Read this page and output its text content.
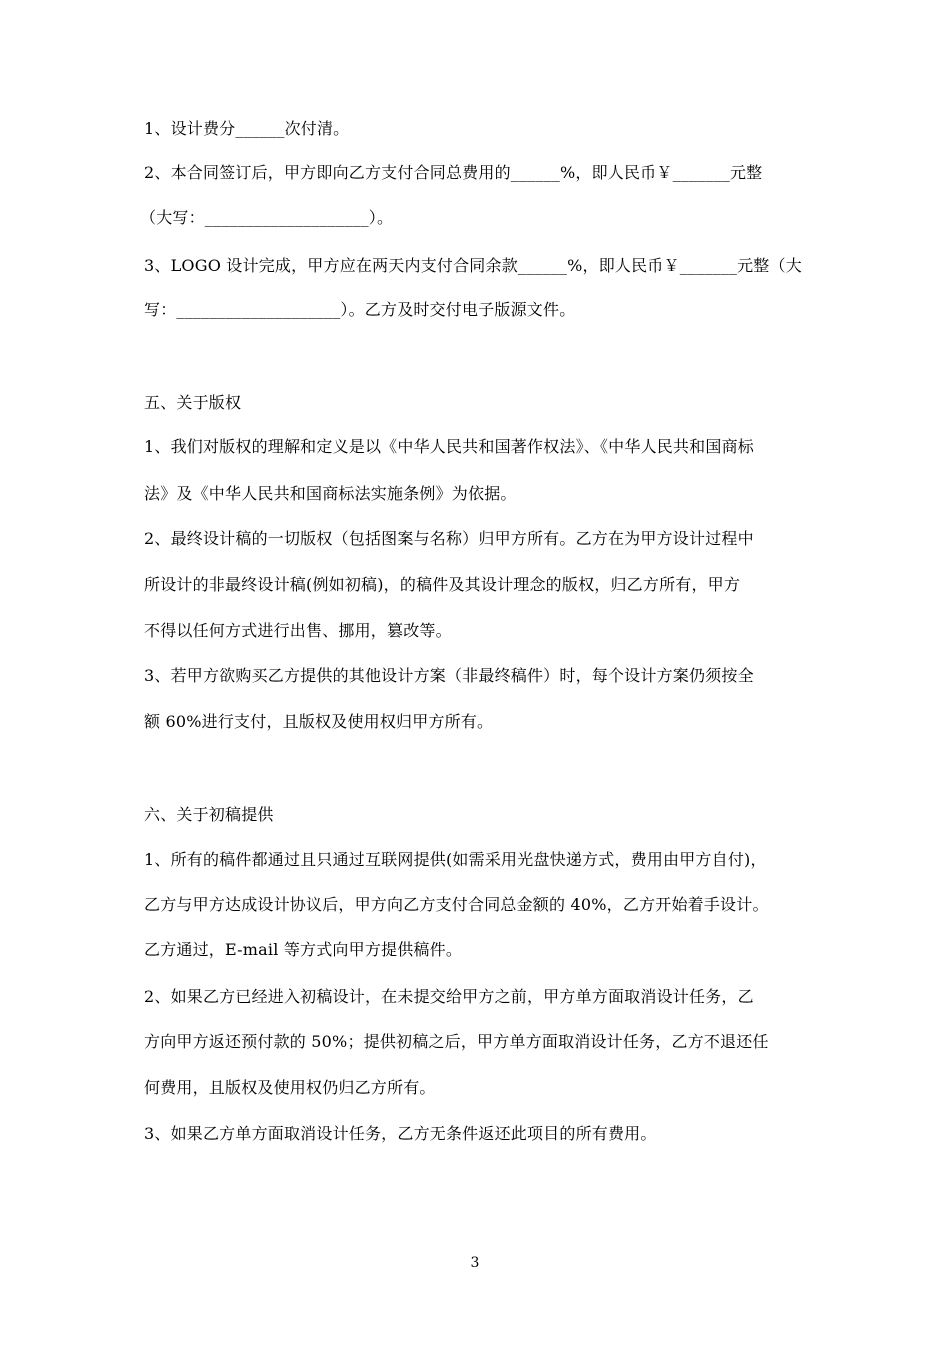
1、设计费分______次付清。
2、本合同签订后，甲方即向乙方支付合同总费用的______%，即人民币￥_______元整
（大写：____________________）。
3、LOGO 设计完成，甲方应在两天内支付合同余款______%，即人民币￥_______元整（大
写：____________________）。乙方及时交付电子版源文件。
五、关于版权
1、我们对版权的理解和定义是以《中华人民共和国著作权法》、《中华人民共和国商标
法》及《中华人民共和国商标法实施条例》为依据。
2、最终设计稿的一切版权（包括图案与名称）归甲方所有。乙方在为甲方设计过程中
所设计的非最终设计稿(例如初稿)，的稿件及其设计理念的版权，归乙方所有，甲方
不得以任何方式进行出售、挪用，篡改等。
3、若甲方欲购买乙方提供的其他设计方案（非最终稿件）时，每个设计方案仍须按全
额 60%进行支付，且版权及使用权归甲方所有。
六、关于初稿提供
1、所有的稿件都通过且只通过互联网提供(如需采用光盘快递方式，费用由甲方自付)，
乙方与甲方达成设计协议后，甲方向乙方支付合同总金额的 40%，乙方开始着手设计。
乙方通过，E-mail 等方式向甲方提供稿件。
2、如果乙方已经进入初稿设计，在未提交给甲方之前，甲方单方面取消设计任务，乙
方向甲方返还预付款的 50%；提供初稿之后，甲方单方面取消设计任务，乙方不退还任
何费用，且版权及使用权仍归乙方所有。
3、如果乙方单方面取消设计任务，乙方无条件返还此项目的所有费用。
3
